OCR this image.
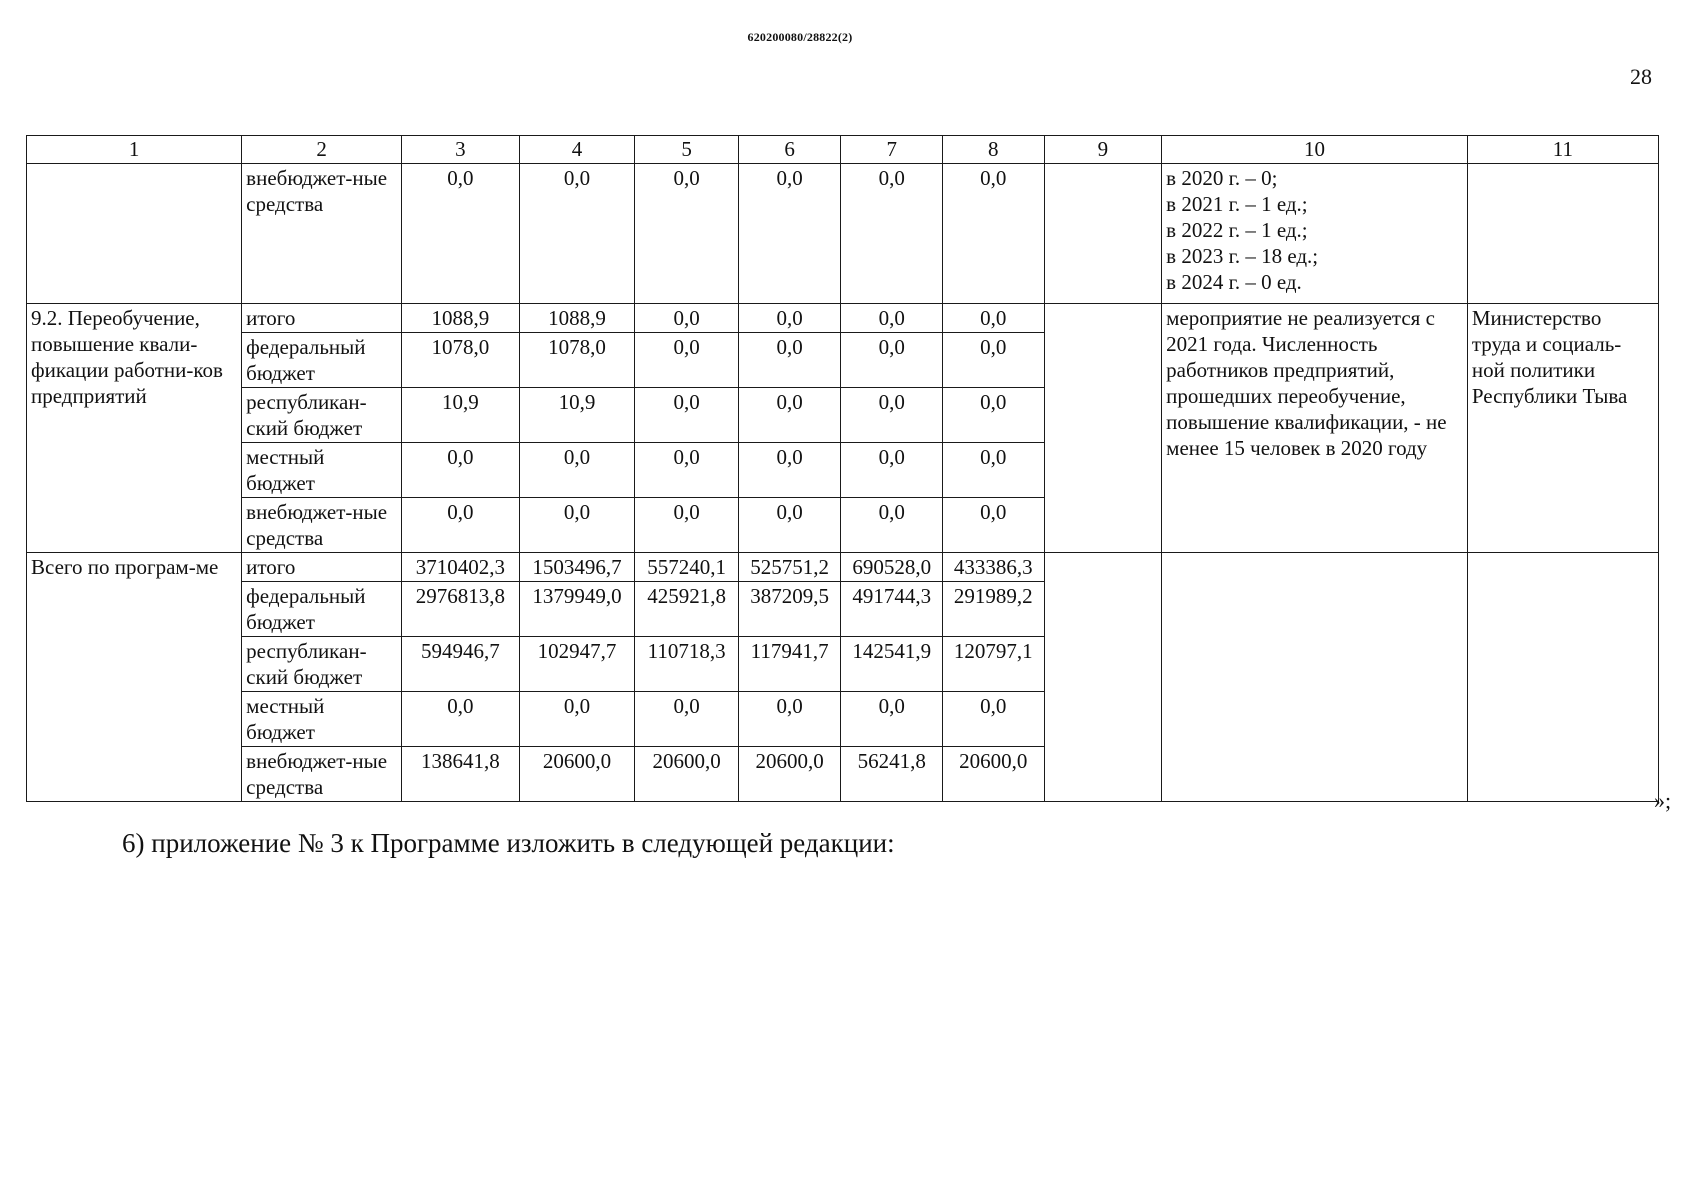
620200080/28822(2)
28
1	2	3	4	5	6	7	8	9	10	11
	внебюджет-ные средства	0,0	0,0	0,0	0,0	0,0	0,0		в 2020 г. – 0;
в 2021 г. – 1 ед.;
в 2022 г. – 1 ед.;
в 2023 г. – 18 ед.;
в 2024 г. – 0 ед.	

9.2. Переобучение, повышение квали-фикации работни-ков предприятий	итого	1088,9	1088,9	0,0	0,0	0,0	0,0		мероприятие не реализуется с 2021 года. Численность работников предприятий, прошедших переобучение, повышение квалификации, - не менее 15 человек в 2020 году	Министерство труда и социаль-ной политики Республики Тыва
	федеральный бюджет	1078,0	1078,0	0,0	0,0	0,0	0,0			
	республикан-ский бюджет	10,9	10,9	0,0	0,0	0,0	0,0			
	местный бюджет	0,0	0,0	0,0	0,0	0,0	0,0			
	внебюджет-ные средства	0,0	0,0	0,0	0,0	0,0	0,0			
Всего по програм-ме	итого	3710402,3	1503496,7	557240,1	525751,2	690528,0	433386,3			
	федеральный бюджет	2976813,8	1379949,0	425921,8	387209,5	491744,3	291989,2			
	республикан-ский бюджет	594946,7	102947,7	110718,3	117941,7	142541,9	120797,1			
	местный бюджет	0,0	0,0	0,0	0,0	0,0	0,0			
	внебюджет-ные средства	138641,8	20600,0	20600,0	20600,0	56241,8	20600,0			
»;
6) приложение № 3 к Программе изложить в следующей редакции:
